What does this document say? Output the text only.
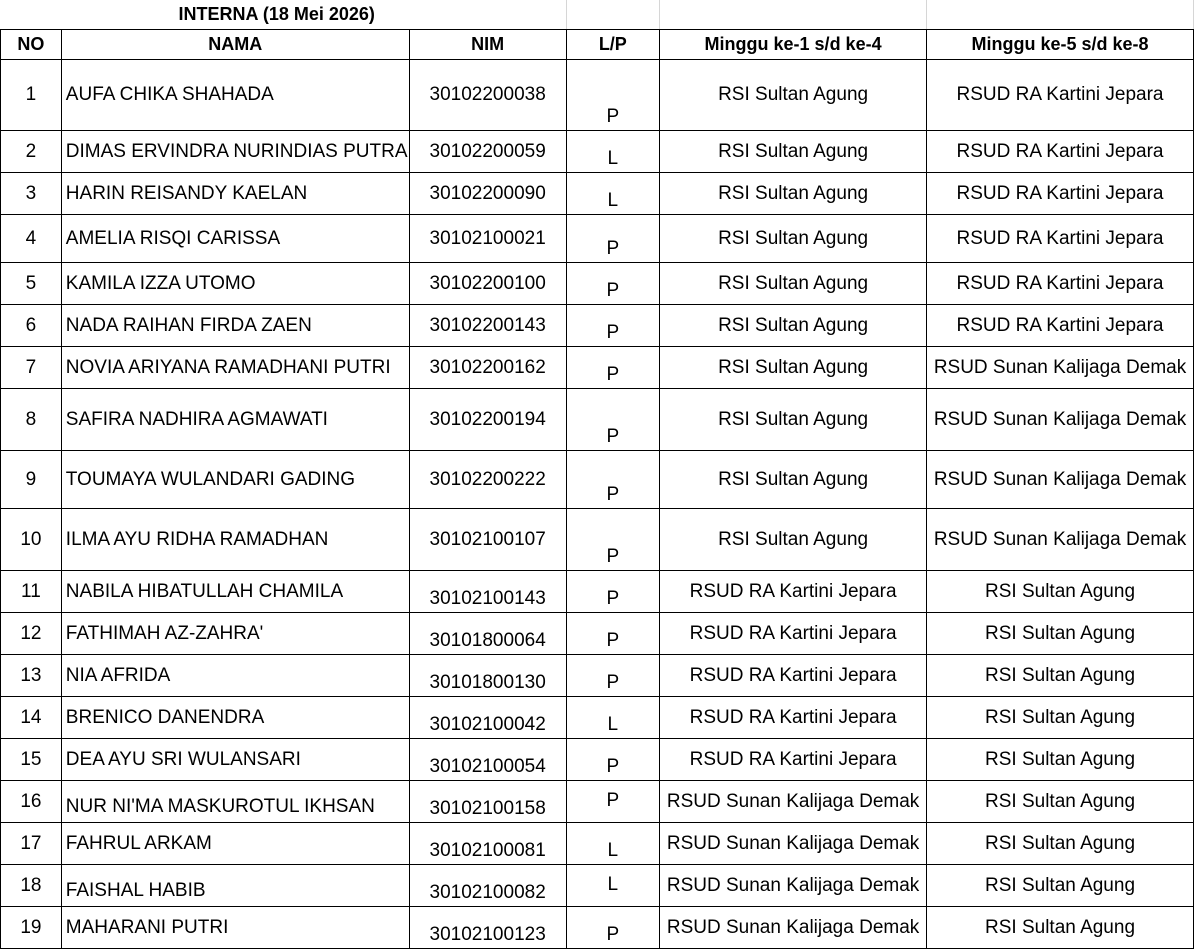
INTERNA (18 Mei 2026)					
NO	NAMA	NIM	L/P	Minggu ke-1 s/d ke-4	Minggu ke-5 s/d ke-8
1	AUFA CHIKA SHAHADA	30102200038	P	RSI Sultan Agung	RSUD RA Kartini Jepara
2	DIMAS ERVINDRA NURINDIAS PUTRA	30102200059	L	RSI Sultan Agung	RSUD RA Kartini Jepara
3	HARIN REISANDY KAELAN	30102200090	L	RSI Sultan Agung	RSUD RA Kartini Jepara
4	AMELIA RISQI CARISSA	30102100021	P	RSI Sultan Agung	RSUD RA Kartini Jepara
5	KAMILA IZZA UTOMO	30102200100	P	RSI Sultan Agung	RSUD RA Kartini Jepara
6	NADA RAIHAN FIRDA ZAEN	30102200143	P	RSI Sultan Agung	RSUD RA Kartini Jepara
7	NOVIA ARIYANA RAMADHANI PUTRI	30102200162	P	RSI Sultan Agung	RSUD Sunan Kalijaga Demak
8	SAFIRA NADHIRA AGMAWATI	30102200194	P	RSI Sultan Agung	RSUD Sunan Kalijaga Demak
9	TOUMAYA WULANDARI GADING	30102200222	P	RSI Sultan Agung	RSUD Sunan Kalijaga Demak
10	ILMA AYU RIDHA RAMADHAN	30102100107	P	RSI Sultan Agung	RSUD Sunan Kalijaga Demak
11	NABILA HIBATULLAH CHAMILA	30102100143	P	RSUD RA Kartini Jepara	RSI Sultan Agung
12	FATHIMAH AZ-ZAHRA'	30101800064	P	RSUD RA Kartini Jepara	RSI Sultan Agung
13	NIA AFRIDA	30101800130	P	RSUD RA Kartini Jepara	RSI Sultan Agung
14	BRENICO DANENDRA	30102100042	L	RSUD RA Kartini Jepara	RSI Sultan Agung
15	DEA AYU SRI WULANSARI	30102100054	P	RSUD RA Kartini Jepara	RSI Sultan Agung
16	NUR NI'MA MASKUROTUL IKHSAN	30102100158	P	RSUD Sunan Kalijaga Demak	RSI Sultan Agung
17	FAHRUL ARKAM	30102100081	L	RSUD Sunan Kalijaga Demak	RSI Sultan Agung
18	FAISHAL HABIB	30102100082	L	RSUD Sunan Kalijaga Demak	RSI Sultan Agung
19	MAHARANI PUTRI	30102100123	P	RSUD Sunan Kalijaga Demak	RSI Sultan Agung
